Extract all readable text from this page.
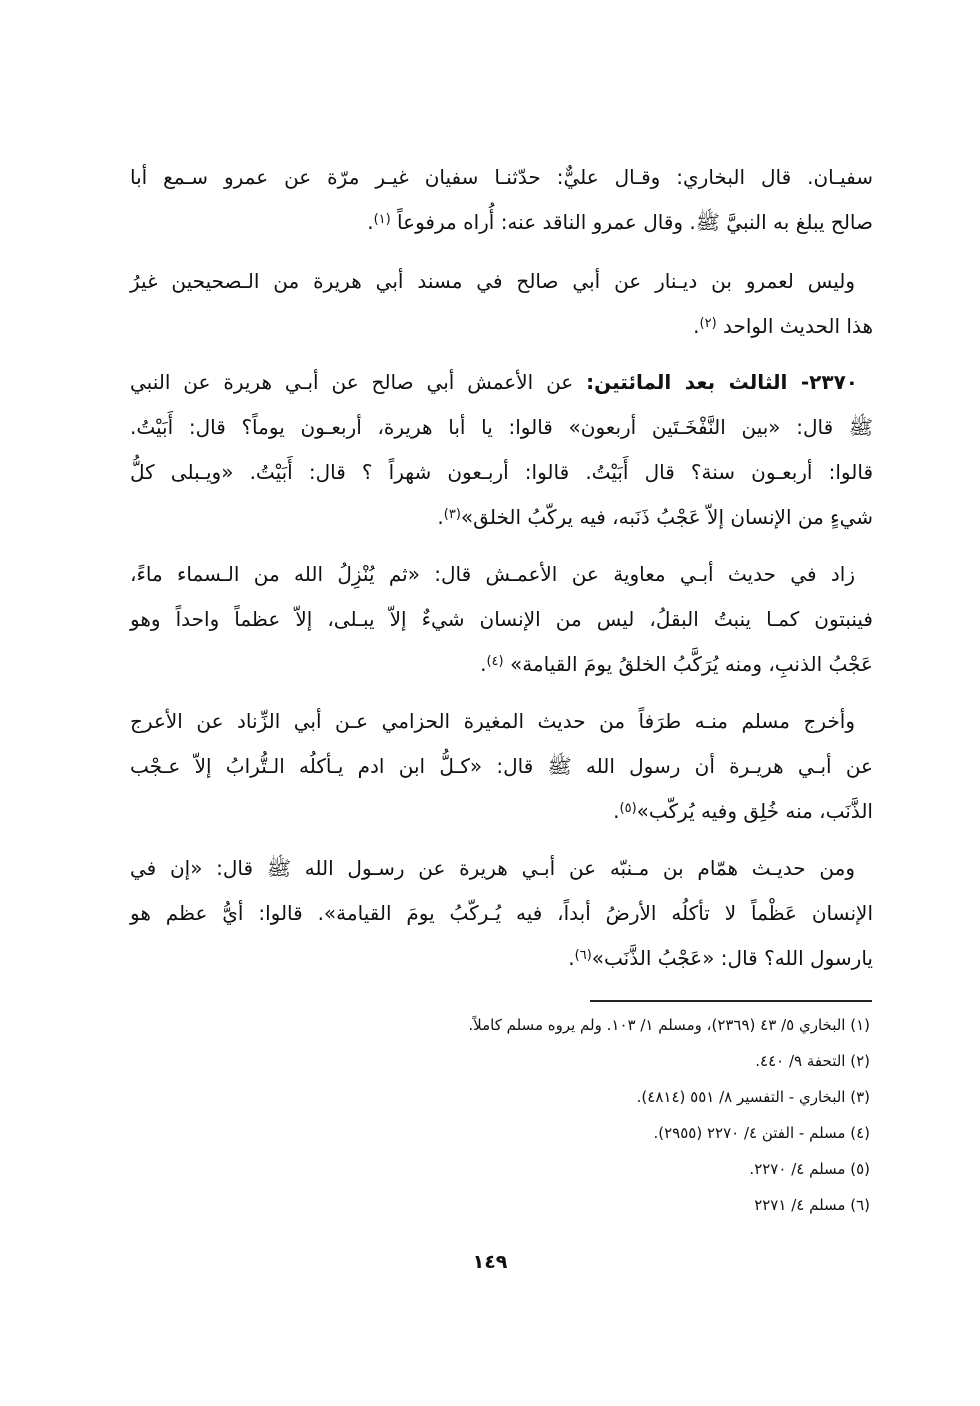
سفيـان. قال البخاري: وقـال عليٌّ: حدّثنـا سفيان غيـر مرّة عن عمرو سـمع أبا
صالح يبلغ به النبيَّ ﷺ. وقال عمرو الناقد عنه: أُراه مرفوعاً $^{(١)}$.
وليس لعمرو بن ديـنار عن أبي صالح في مسند أبي هريرة من الـصحيحين غيرُ
هذا الحديث الواحد $^{(٢)}$.
٢٣٧٠- الثالث بعد المائتين: عن الأعمش أبي صالح عن أبـي هريرة عن النبي
ﷺ قال: «بين النَّفْخَـتَين أربعون» قالوا: يا أبا هريرة، أربعـون يوماً؟ قال: أَبَيْتُ.
قالوا: أربعـون سنة؟ قال أَبَيْتُ. قالوا: أربـعون شهراً ؟ قال: أَبَيْتُ. «ويـبلى كلُّ
شيءٍ من الإنسان إلاّ عَجْبُ ذَنَبه، فيه يركّبُ الخلق»$^{(٣)}$.
زاد في حديث أبـي معاوية عن الأعمـش قال: «ثم يُنْزِلُ الله من الـسماء ماءً،
فينبتون كمـا ينبتُ البقلُ، ليس من الإنسان شيءٌ إلاّ يبـلى، إلاّ عظماً واحداً وهو
عَجْبُ الذنبِ، ومنه يُرَكَّبُ الخلقُ يومَ القيامة» $^{(٤)}$.
وأخرج مسلم منـه طرَفاً من حديث المغيرة الحزامي عـن أبي الزِّناد عن الأعرج
عن أبـي هريـرة أن رسول الله ﷺ قال: «كـلُّ ابن ادم يـأكلُه الـتُّرابُ إلاّ عـجْب
الذَّنَب، منه خُلِق وفيه يُركّب»$^{(٥)}$.
ومن حديـث همّام بن مـنبّه عن أبـي هريرة عن رسـول الله ﷺ قال: «إن في
الإنسان عَظْماً لا تأكلُه الأرضُ أبداً، فيه يُـركّبُ يومَ القيامة». قالوا: أيُّ عظم هو
يارسول الله؟ قال: «عَجْبُ الذَّنَب»$^{(٦)}$.
(١) البخاري ٥/ ٤٣ (٢٣٦٩)، ومسلم ١/ ١٠٣. ولم يروه مسلم كاملاً.
(٢) التحفة ٩/ ٤٤٠.
(٣) البخاري - التفسير ٨/ ٥٥١ (٤٨١٤).
(٤) مسلم - الفتن ٤/ ٢٢٧٠ (٢٩٥٥).
(٥) مسلم ٤/ ٢٢٧٠.
(٦) مسلم ٤/ ٢٢٧١
١٤٩
